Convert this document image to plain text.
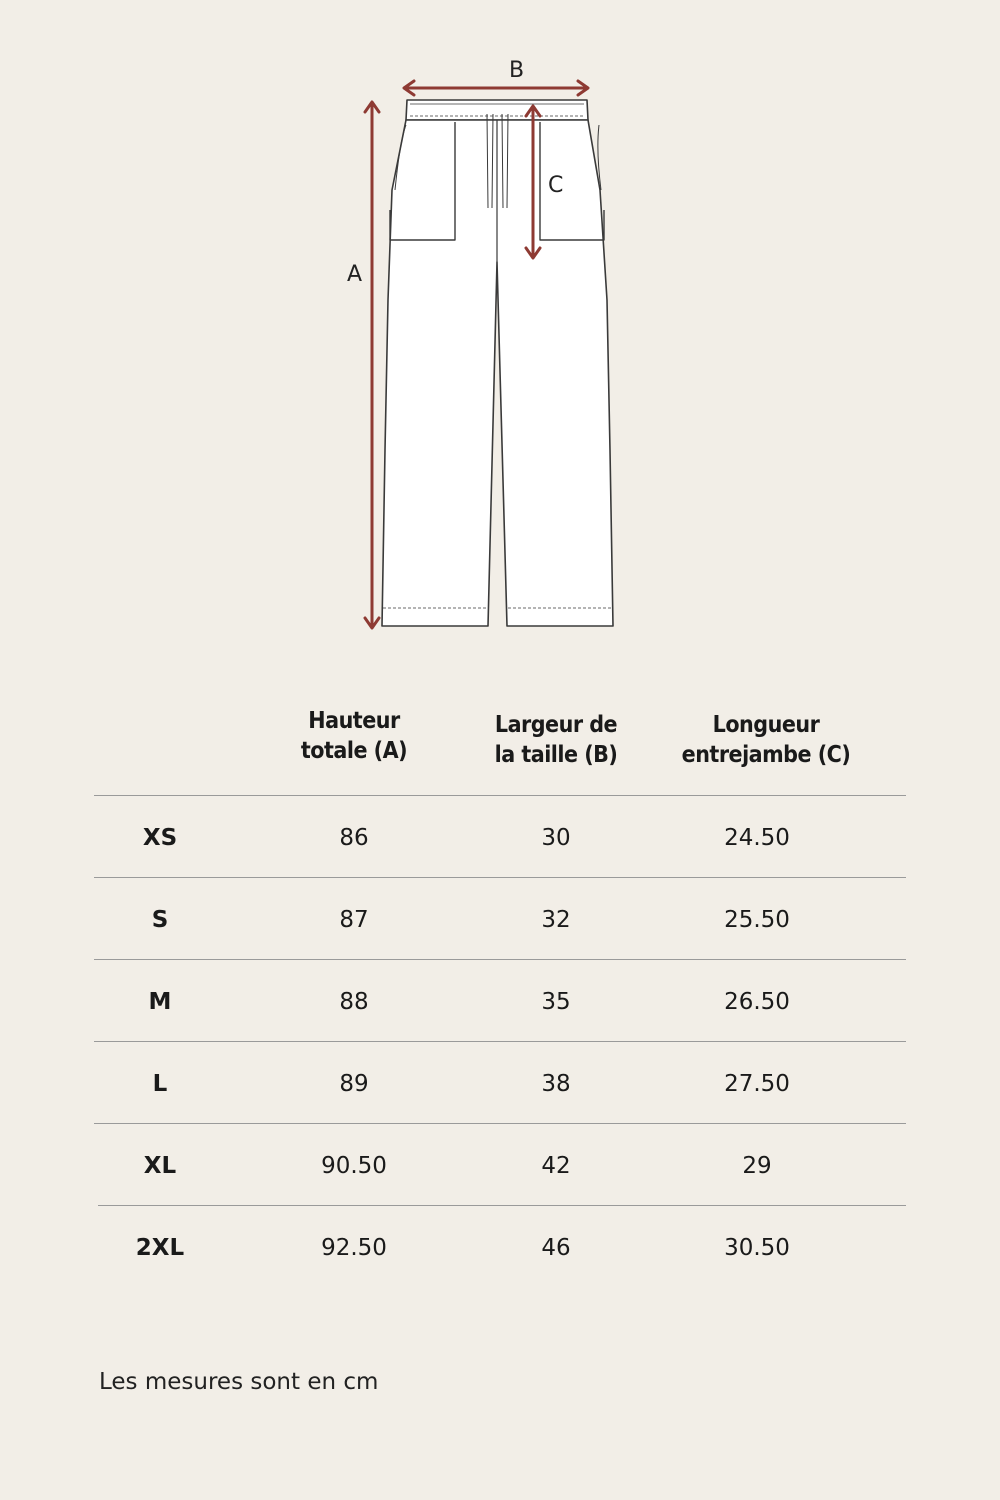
A
B
C
Hauteur
totale (A)
Largeur de
la taille (B)
Longueur
entrejambe (C)
XS	86	30	24.50
S	87	32	25.50
M	88	35	26.50
L	89	38	27.50
XL	90.50	42	29
2XL	92.50	46	30.50
Les mesures sont en cm
